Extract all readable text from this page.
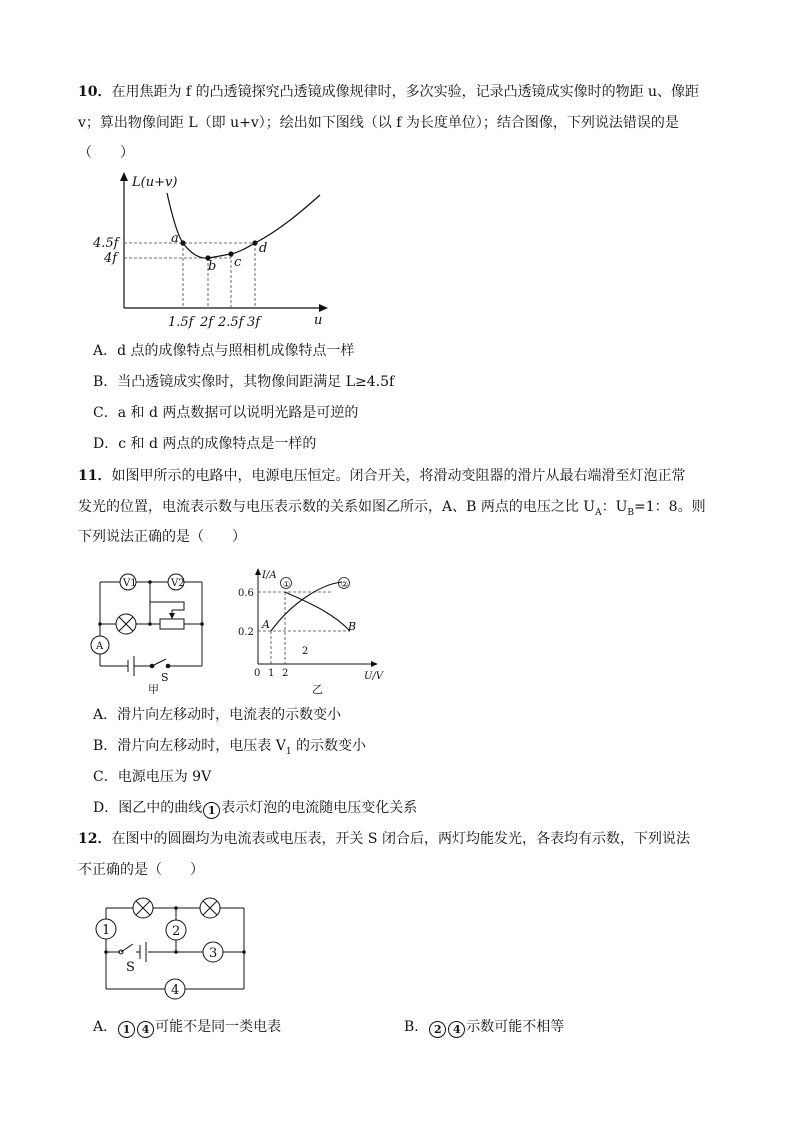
10．在用焦距为 f 的凸透镜探究凸透镜成像规律时，多次实验，记录凸透镜成实像时的物距 u、像距
v；算出物像间距 L（即 u+v）；绘出如下图线（以 f 为长度单位）；结合图像，下列说法错误的是
（　　）
a
b c
d
L(u+v)
u
4.5f
4f
1.5f 2f 2.5f 3f
A．d 点的成像特点与照相机成像特点一样
B．当凸透镜成实像时，其物像间距满足 L≥4.5f
C．a 和 d 两点数据可以说明光路是可逆的
D．c 和 d 两点的成像特点是一样的
11．如图甲所示的电路中，电源电压恒定。闭合开关，将滑动变阻器的滑片从最右端滑至灯泡正常
发光的位置，电流表示数与电压表示数的关系如图乙所示，A、B 两点的电压之比 $U_A$：$U_B=1$：8。则
下列说法正确的是（　　）
V1	V2
A
S
甲
①	②
I/A
U/V
0.6
0.2
0 1 2
2
A	B
乙
A．滑片向左移动时，电流表的示数变小
B．滑片向左移动时，电压表 $V_1$ 的示数变小
C．电源电压为 9V
D．图乙中的曲线 1 表示灯泡的电流随电压变化关系
12．在图中的圆圈均为电流表或电压表，开关 S 闭合后，两灯均能发光，各表均有示数，下列说法
不正确的是（　　）
1	2
3
4
S
A． 1 4 可能不是同一类电表	B． 2 4 示数可能不相等
